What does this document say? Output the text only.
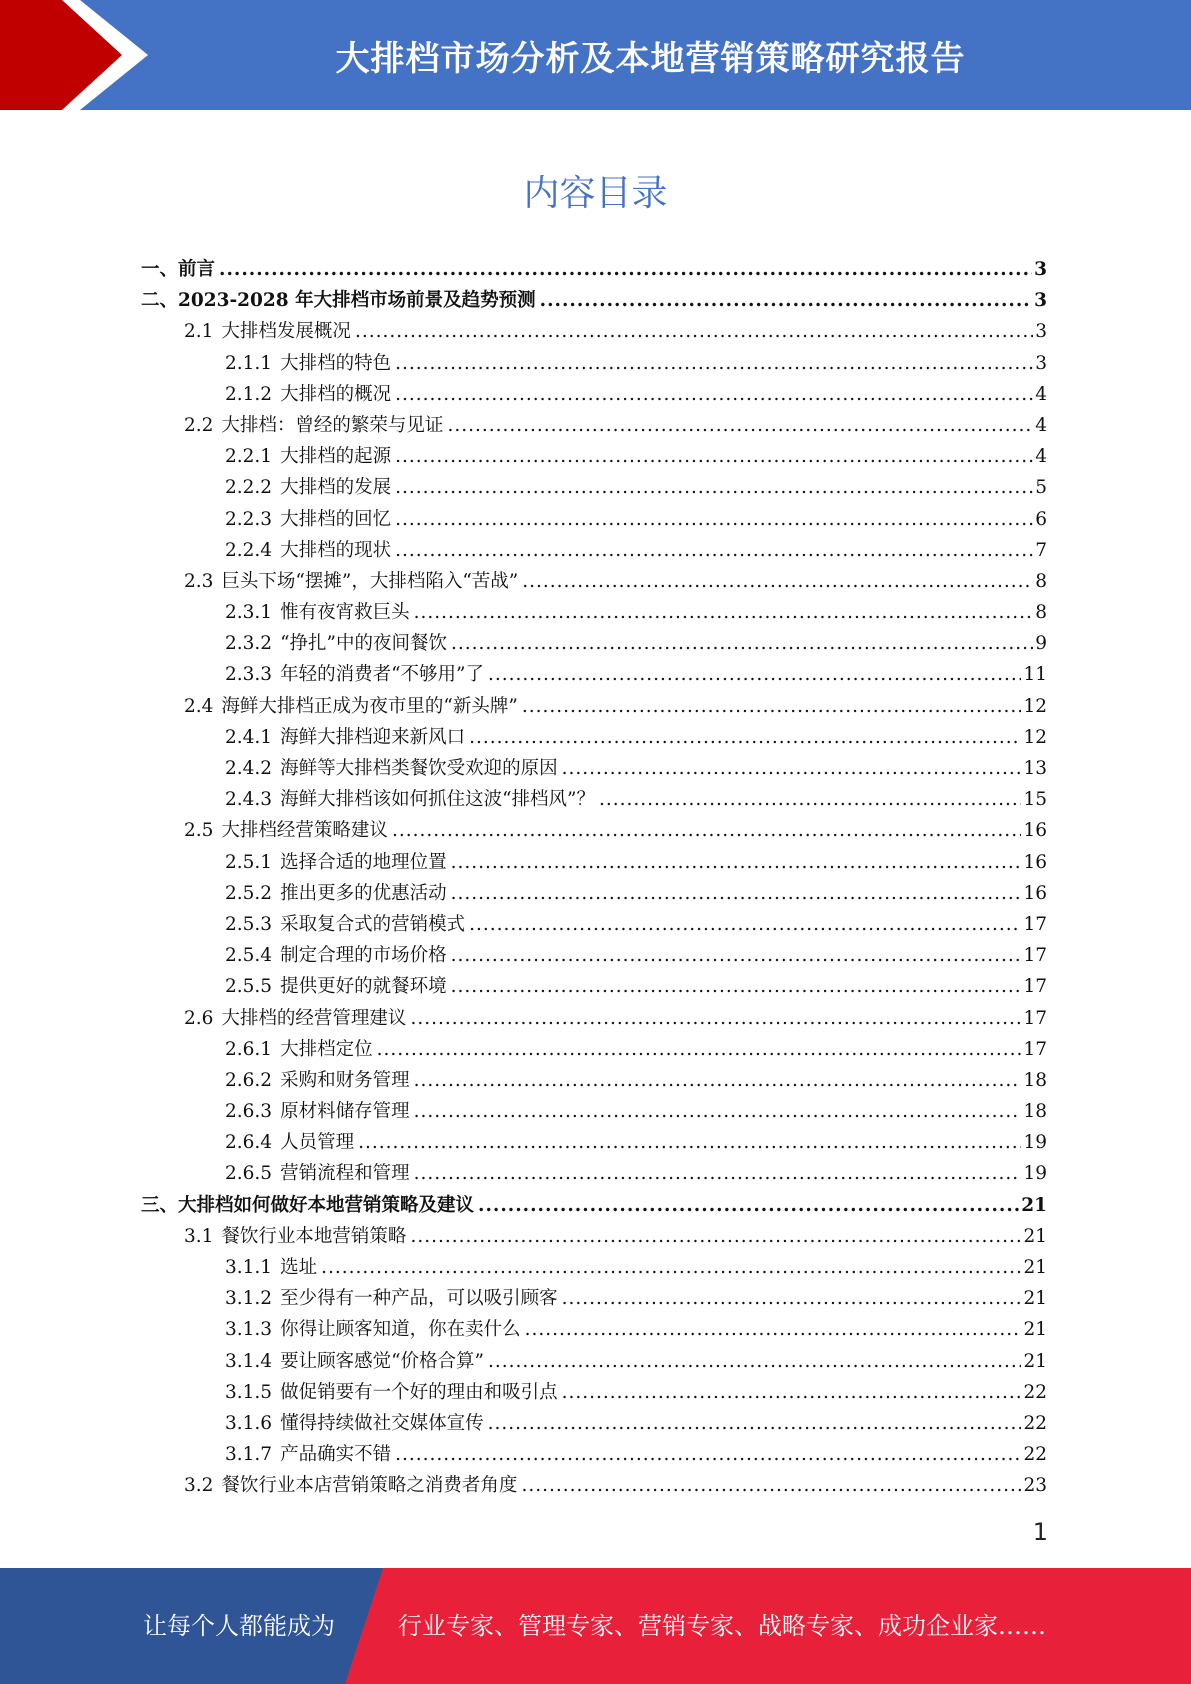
大排档市场分析及本地营销策略研究报告
内容目录
一、 前言 .....	3
二、 2023-2028 年大排档市场前景及趋势预测 .....	3
2.1 大排档发展概况 .....	3
2.1.1 大排档的特色 .....	3
2.1.2 大排档的概况 .....	4
2.2 大排档：曾经的繁荣与见证 .....	4
2.2.1 大排档的起源 .....	4
2.2.2 大排档的发展 .....	5
2.2.3 大排档的回忆 .....	6
2.2.4 大排档的现状 .....	7
2.3 巨头下场“摆摊”，大排档陷入“苦战” .....	8
2.3.1 惟有夜宵救巨头 .....	8
2.3.2 “挣扎”中的夜间餐饮 .....	9
2.3.3 年轻的消费者“不够用”了 .....	11
2.4 海鲜大排档正成为夜市里的“新头牌” .....	12
2.4.1 海鲜大排档迎来新风口 .....	12
2.4.2 海鲜等大排档类餐饮受欢迎的原因 .....	13
2.4.3 海鲜大排档该如何抓住这波“排档风”？ .....	15
2.5 大排档经营策略建议 .....	16
2.5.1 选择合适的地理位置 .....	16
2.5.2 推出更多的优惠活动 .....	16
2.5.3 采取复合式的营销模式 .....	17
2.5.4 制定合理的市场价格 .....	17
2.5.5 提供更好的就餐环境 .....	17
2.6 大排档的经营管理建议 .....	17
2.6.1 大排档定位 .....	17
2.6.2 采购和财务管理 .....	18
2.6.3 原材料储存管理 .....	18
2.6.4 人员管理 .....	19
2.6.5 营销流程和管理 .....	19
三、 大排档如何做好本地营销策略及建议 .....	21
3.1 餐饮行业本地营销策略 .....	21
3.1.1 选址 .....	21
3.1.2 至少得有一种产品，可以吸引顾客 .....	21
3.1.3 你得让顾客知道，你在卖什么 .....	21
3.1.4 要让顾客感觉“价格合算” .....	21
3.1.5 做促销要有一个好的理由和吸引点 .....	22
3.1.6 懂得持续做社交媒体宣传 .....	22
3.1.7 产品确实不错 .....	22
3.2 餐饮行业本店营销策略之消费者角度 .....	23
1
让每个人都能成为	行业专家、管理专家、营销专家、战略专家、成功企业家……
